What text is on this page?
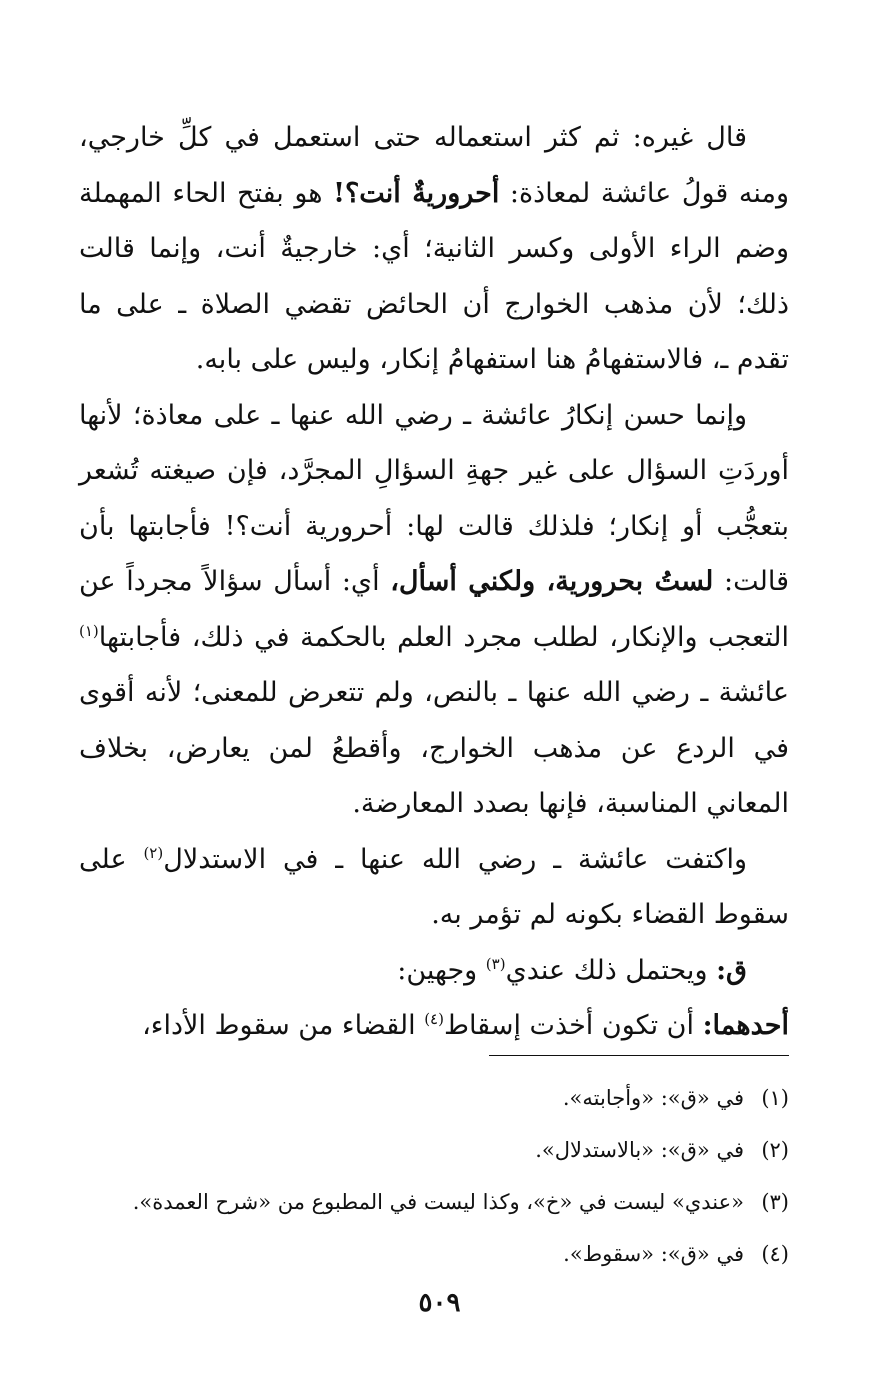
قال غيره: ثم كثر استعماله حتى استعمل في كلِّ خارجي، ومنه قولُ عائشة لمعاذة: أحروريةٌ أنت؟! هو بفتح الحاء المهملة وضم الراء الأولى وكسر الثانية؛ أي: خارجيةٌ أنت، وإنما قالت ذلك؛ لأن مذهب الخوارج أن الحائض تقضي الصلاة ـ على ما تقدم ـ، فالاستفهامُ هنا استفهامُ إنكار، وليس على بابه.

وإنما حسن إنكارُ عائشة ـ رضي الله عنها ـ على معاذة؛ لأنها أوردَتِ السؤال على غير جهةِ السؤالِ المجرَّد، فإن صيغته تُشعر بتعجُّب أو إنكار؛ فلذلك قالت لها: أحرورية أنت؟! فأجابتها بأن قالت: لستُ بحرورية، ولكني أسأل، أي: أسأل سؤالاً مجرداً عن التعجب والإنكار، لطلب مجرد العلم بالحكمة في ذلك، فأجابتها$^{(١)}$ عائشة ـ رضي الله عنها ـ بالنص، ولم تتعرض للمعنى؛ لأنه أقوى في الردع عن مذهب الخوارج، وأقطعُ لمن يعارض، بخلاف المعاني المناسبة، فإنها بصدد المعارضة.

واكتفت عائشة ـ رضي الله عنها ـ في الاستدلال$^{(٢)}$ على سقوط القضاء بكونه لم تؤمر به.

ق: ويحتمل ذلك عندي$^{(٣)}$ وجهين:

أحدهما: أن تكون أخذت إسقاط$^{(٤)}$ القضاء من سقوط الأداء،

(١)في «ق»: «وأجابته».

(٢)في «ق»: «بالاستدلال».

(٣)«عندي» ليست في «خ»، وكذا ليست في المطبوع من «شرح العمدة».

(٤)في «ق»: «سقوط».

٥٠٩
